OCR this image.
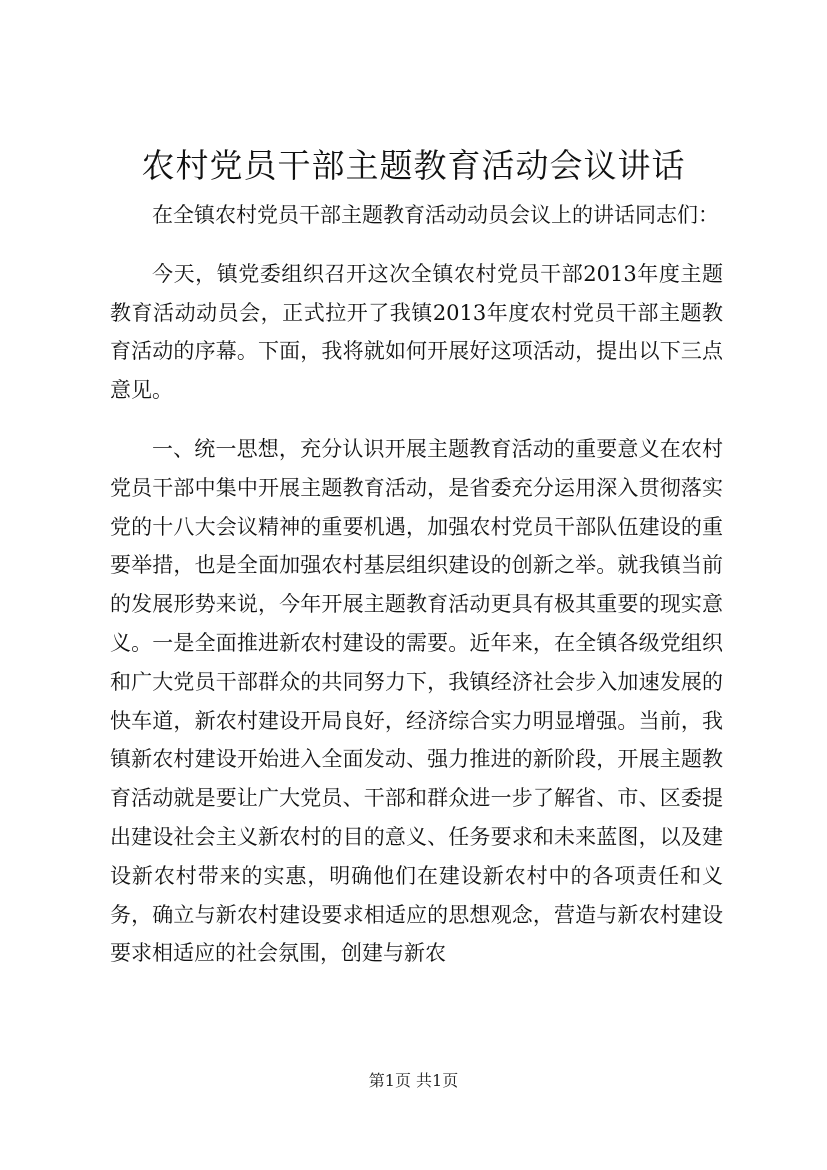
农村党员干部主题教育活动会议讲话

在全镇农村党员干部主题教育活动动员会议上的讲话同志们：

今天，镇党委组织召开这次全镇农村党员干部2013年度主题教育活动动员会，正式拉开了我镇2013年度农村党员干部主题教育活动的序幕。下面，我将就如何开展好这项活动，提出以下三点意见。

一、统一思想，充分认识开展主题教育活动的重要意义在农村党员干部中集中开展主题教育活动，是省委充分运用深入贯彻落实党的十八大会议精神的重要机遇，加强农村党员干部队伍建设的重要举措，也是全面加强农村基层组织建设的创新之举。就我镇当前的发展形势来说，今年开展主题教育活动更具有极其重要的现实意义。一是全面推进新农村建设的需要。近年来，在全镇各级党组织和广大党员干部群众的共同努力下，我镇经济社会步入加速发展的快车道，新农村建设开局良好，经济综合实力明显增强。当前，我镇新农村建设开始进入全面发动、强力推进的新阶段，开展主题教育活动就是要让广大党员、干部和群众进一步了解省、市、区委提出建设社会主义新农村的目的意义、任务要求和未来蓝图，以及建设新农村带来的实惠，明确他们在建设新农村中的各项责任和义务，确立与新农村建设要求相适应的思想观念，营造与新农村建设要求相适应的社会氛围，创建与新农

第1页 共1页
